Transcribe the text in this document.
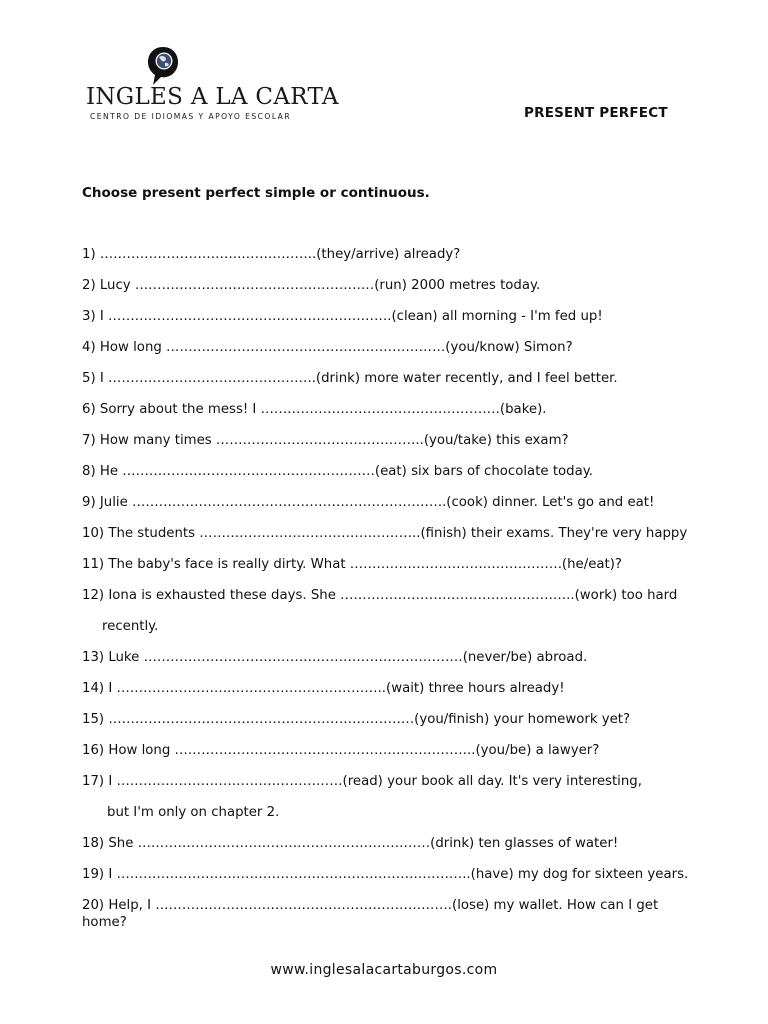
INGLES A LA CARTA
CENTRO DE IDIOMAS Y APOYO ESCOLAR	PRESENT PERFECT
Choose present perfect simple or continuous.
1) …………………………..……………..(they/arrive) already?
2) Lucy ………………………………………………(run) 2000 metres today.
3) I ……………………………………………………….(clean) all morning - I'm fed up!
4) How long ………………………………………………………(you/know) Simon?
5) I ………………………………………..(drink) more water recently, and I feel better.
6) Sorry about the mess! I ………………………………………………(bake).
7) How many times ………………………………………..(you/take) this exam?
8) He …………………………………………………(eat) six bars of chocolate today.
9) Julie ……………………………………………………………..(cook) dinner. Let's go and eat!
10) The students …………………………………………..(finish) their exams. They're very happy
11) The baby's face is really dirty. What …………………………..…………….(he/eat)?
12) Iona is exhausted these days. She ……………………………………………..(work) too hard
recently.
13) Luke ………………………………………………………………(never/be) abroad.
14) I ……………………..……………………………..(wait) three hours already!
15) ……………………………………………………………(you/finish) your homework yet?
16) How long …………………………………………………………..(you/be) a lawyer?
17) I ……………………………………………(read) your book all day. It's very interesting,
but I'm only on chapter 2.
18) She …………………………………………………………(drink) ten glasses of water!
19) I ……………………………………………………………………..(have) my dog for sixteen years.
20) Help, I ………………………………………………………….(lose) my wallet. How can I get home?
www.inglesalacartaburgos.com
